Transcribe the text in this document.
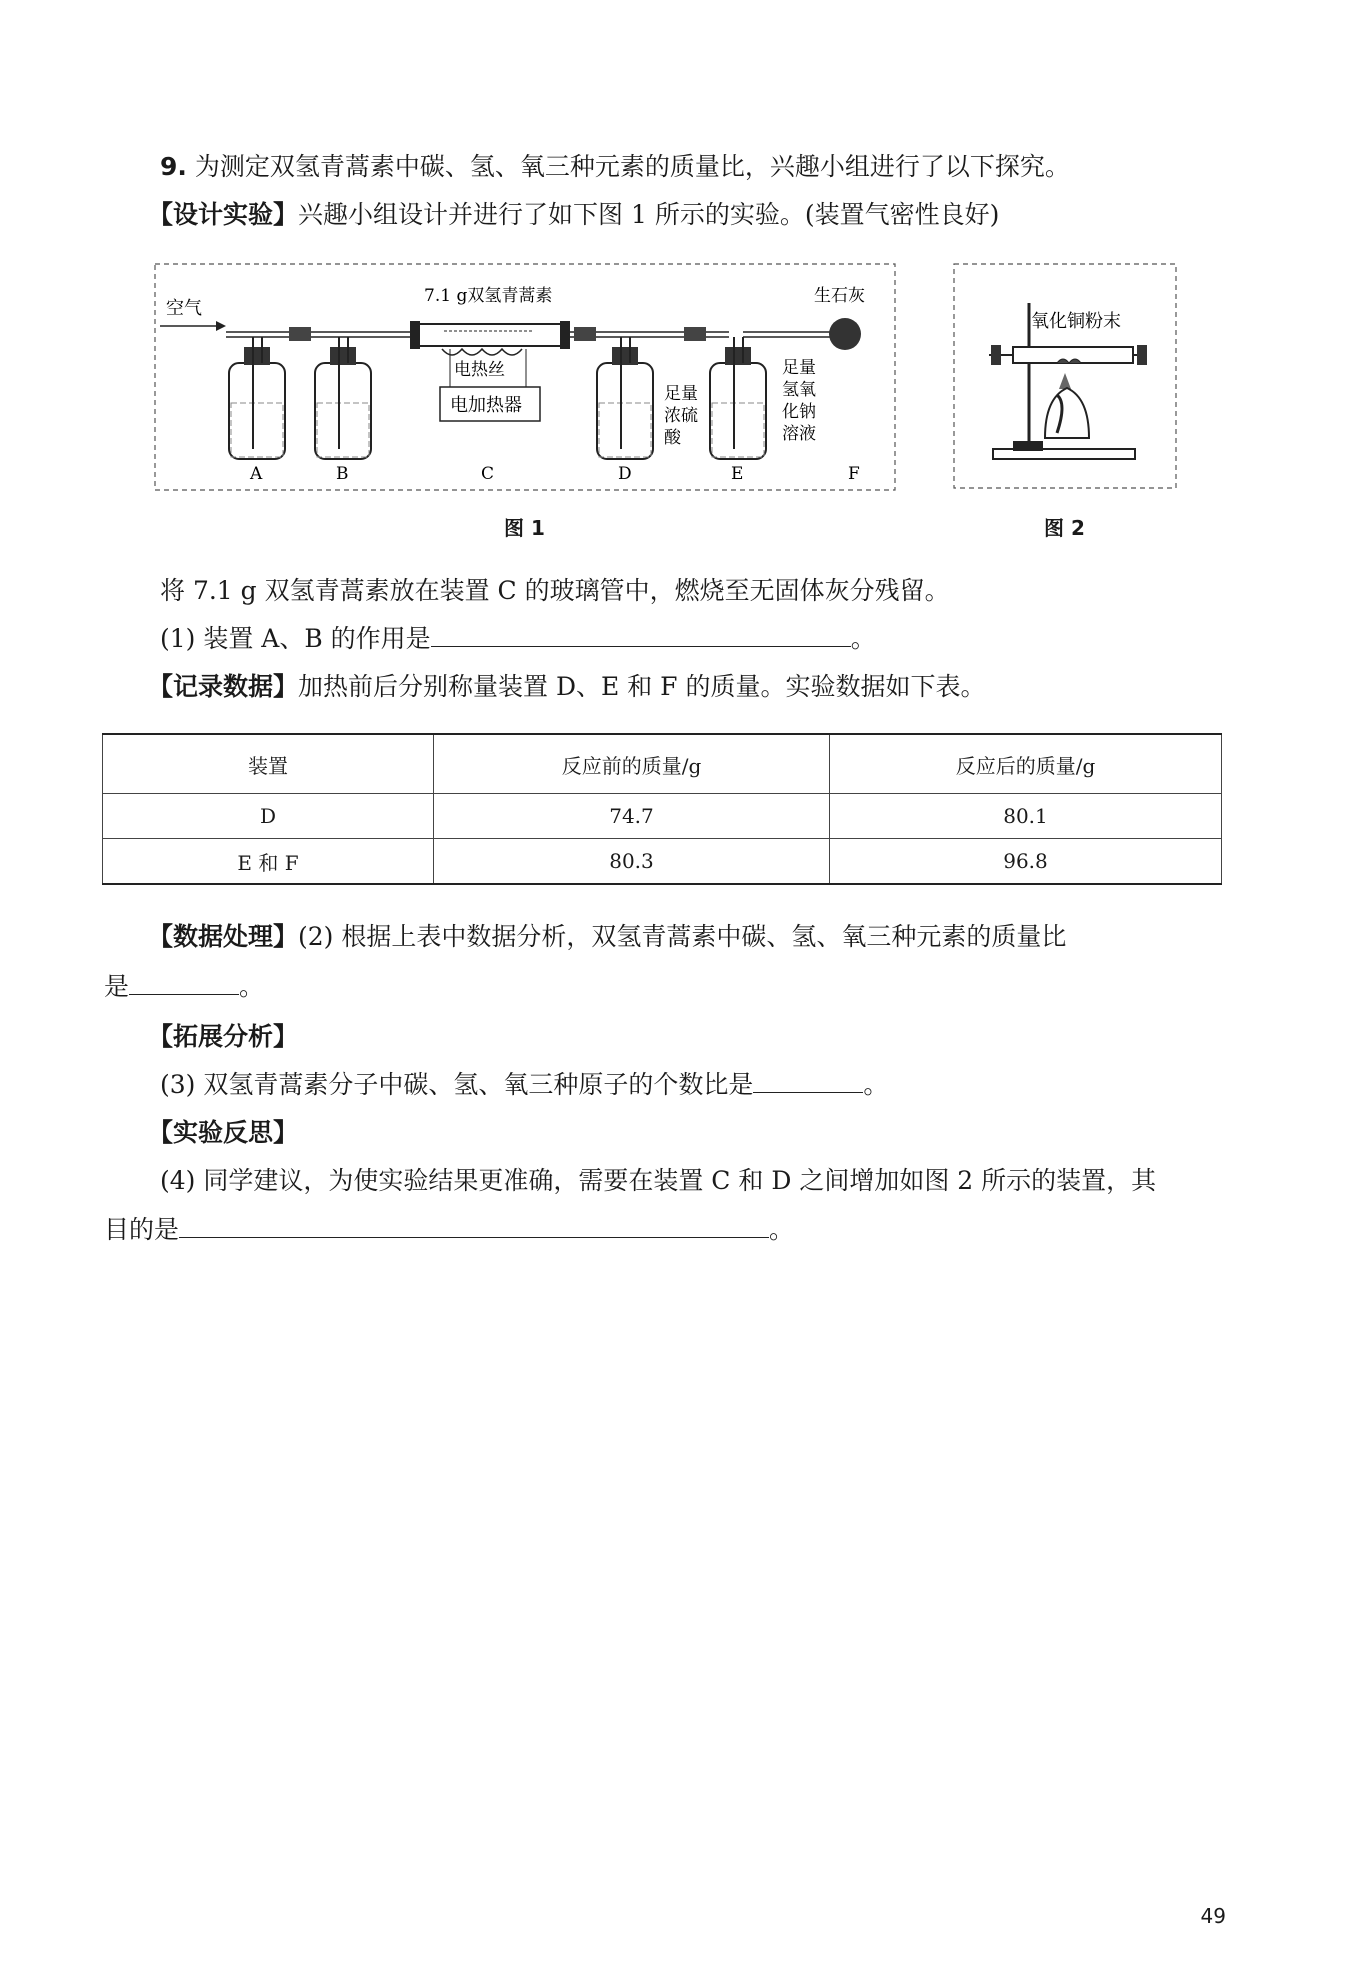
9. 为测定双氢青蒿素中碳、氢、氧三种元素的质量比，兴趣小组进行了以下探究。
【设计实验】兴趣小组设计并进行了如下图 1 所示的实验。(装置气密性良好)
空气
7.1 g双氢青蒿素
电热丝
电加热器
生石灰
足量
浓硫
酸
足量
氢氧
化钠
溶液
A	B	C	D	E	F
图 1
氧化铜粉末
图 2
将 7.1 g 双氢青蒿素放在装置 C 的玻璃管中，燃烧至无固体灰分残留。
(1) 装置 A、B 的作用是	。
【记录数据】加热前后分别称量装置 D、E 和 F 的质量。实验数据如下表。
装置	反应前的质量/g	反应后的质量/g
D	74.7	80.1
E 和 F	80.3	96.8
【数据处理】(2) 根据上表中数据分析，双氢青蒿素中碳、氢、氧三种元素的质量比
是	。
【拓展分析】
(3) 双氢青蒿素分子中碳、氢、氧三种原子的个数比是	。
【实验反思】
(4) 同学建议，为使实验结果更准确，需要在装置 C 和 D 之间增加如图 2 所示的装置，其
目的是	。
49
